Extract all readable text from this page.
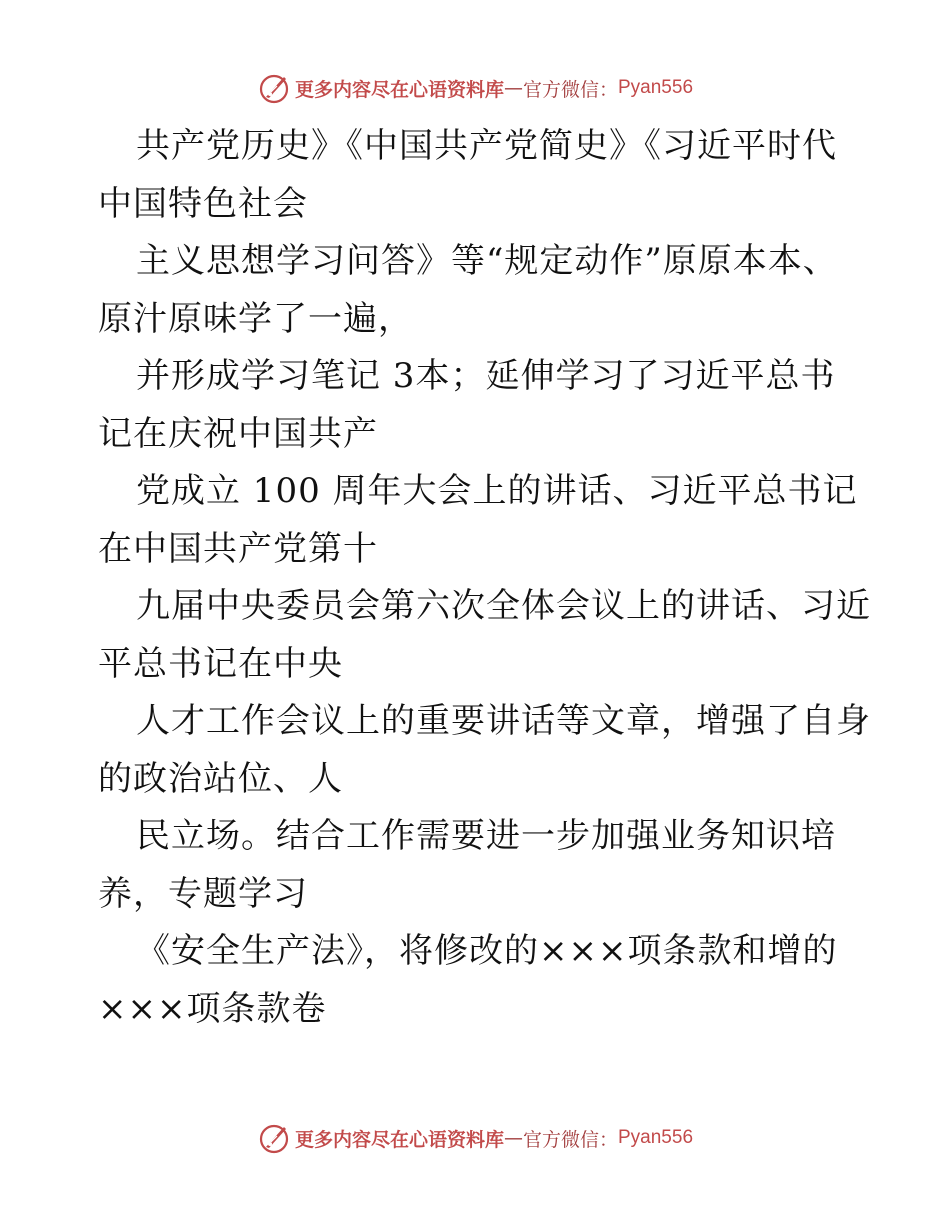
更多内容尽在心语资料库 — 官方微信： Pyan556
共产党历史》《中国共产党简史》《习近平时代
中国特色社会
主义思想学习问答》等“规定动作”原原本本、
原汁原味学了一遍，
并形成学习笔记 3本；延伸学习了习近平总书
记在庆祝中国共产
党成立 100 周年大会上的讲话、习近平总书记
在中国共产党第十
九届中央委员会第六次全体会议上的讲话、习近
平总书记在中央
人才工作会议上的重要讲话等文章，增强了自身
的政治站位、人
民立场。结合工作需要进一步加强业务知识培
养，专题学习
《安全生产法》，将修改的×××项条款和增的
×××项条款卷
更多内容尽在心语资料库 — 官方微信： Pyan556
